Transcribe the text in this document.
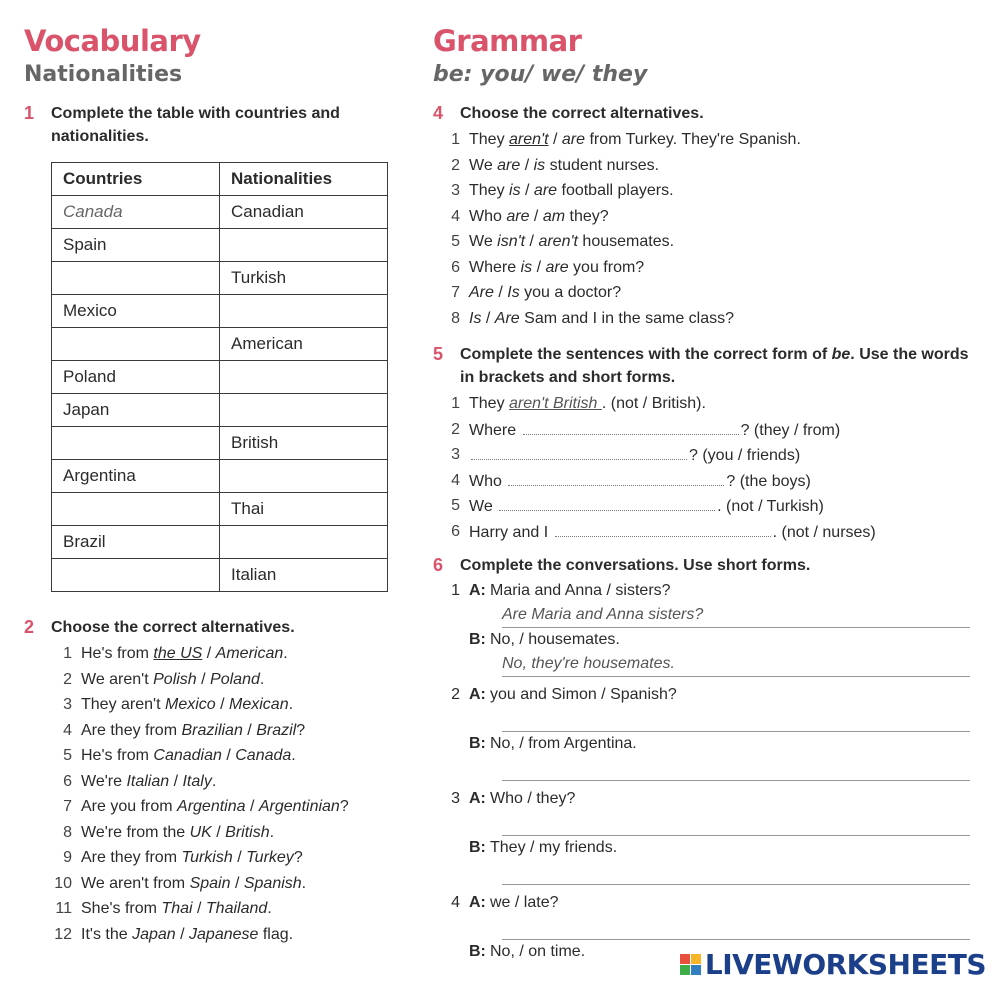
Vocabulary
Nationalities
1	Complete the table with countries and nationalities.
Countries	Nationalities
Canada	Canadian
Spain	
	Turkish
Mexico	
	American
Poland	
Japan	
	British
Argentina	
	Thai
Brazil	
	Italian
2	Choose the correct alternatives.
1 He's from the US / American.
2 We aren't Polish / Poland.
3 They aren't Mexico / Mexican.
4 Are they from Brazilian / Brazil?
5 He's from Canadian / Canada.
6 We're Italian / Italy.
7 Are you from Argentina / Argentinian?
8 We're from the UK / British.
9 Are they from Turkish / Turkey?
10 We aren't from Spain / Spanish.
11 She's from Thai / Thailand.
12 It's the Japan / Japanese flag.
Grammar
be: you/ we/ they
4	Choose the correct alternatives.
1 They aren't / are from Turkey. They're Spanish.
2 We are / is student nurses.
3 They is / are football players.
4 Who are / am they?
5 We isn't / aren't housemates.
6 Where is / are you from?
7 Are / Is you a doctor?
8 Is / Are Sam and I in the same class?
5	Complete the sentences with the correct form of be. Use the words in brackets and short forms.
1 They aren't British . (not / British).
2 Where	? (they / from)
3	? (you / friends)
4 Who	? (the boys)
5 We	. (not / Turkish)
6 Harry and I	. (not / nurses)
6	Complete the conversations. Use short forms.
1 A: Maria and Anna / sisters?
Are Maria and Anna sisters?
B: No, / housemates.
No, they're housemates.
2 A: you and Simon / Spanish?
B: No, / from Argentina.
3 A: Who / they?
B: They / my friends.
4 A: we / late?
B: No, / on time.	LIVEWORKSHEETS
